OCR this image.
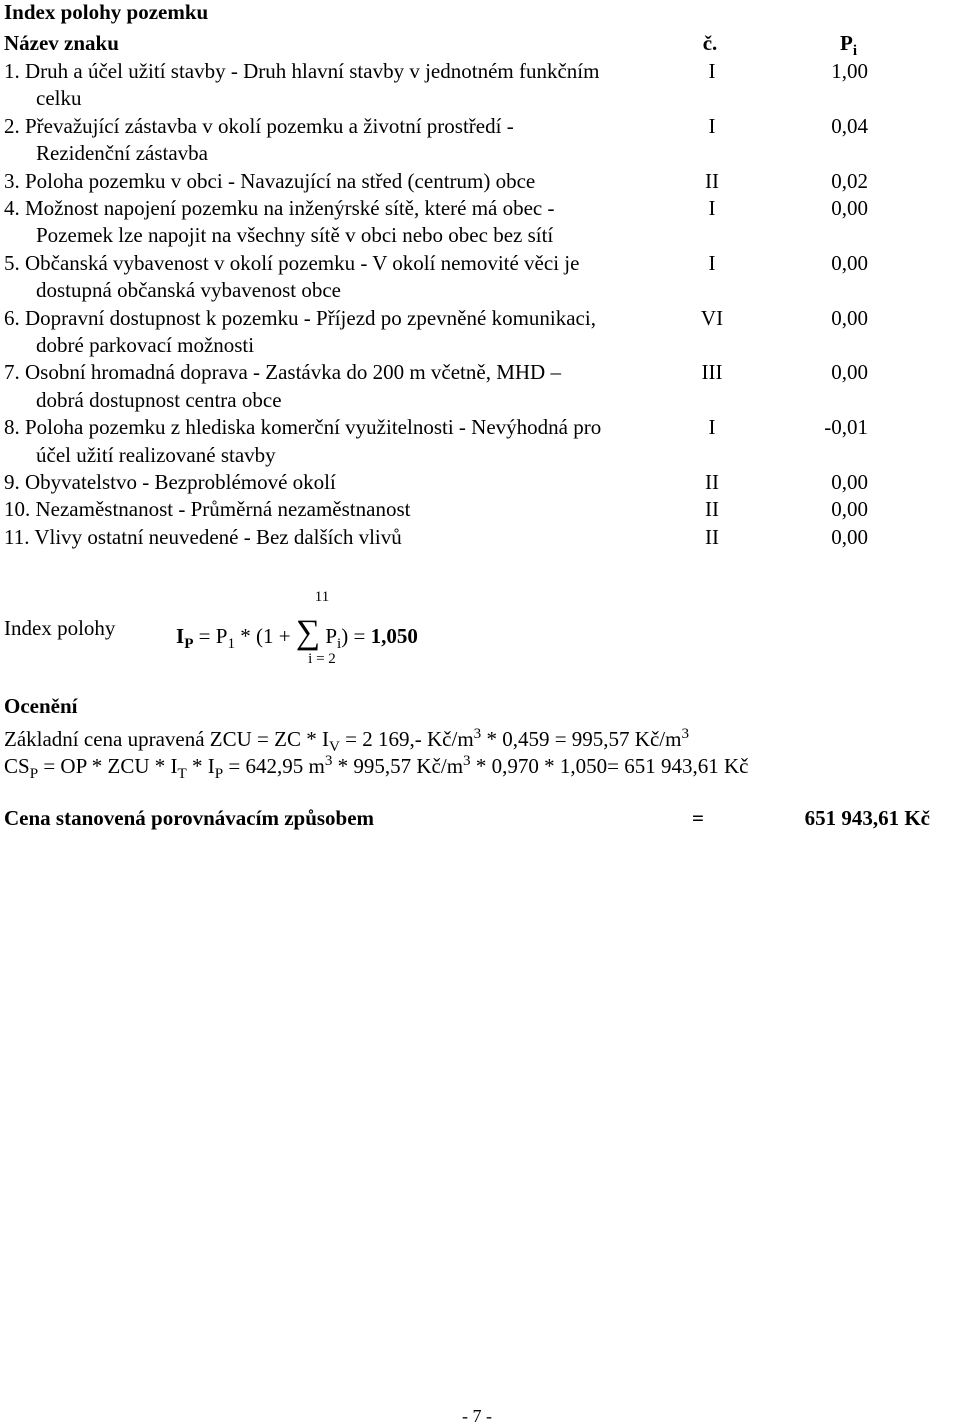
Index polohy pozemku
Název znaku	č.	$P_i$
1. Druh a účel užití stavby - Druh hlavní stavby v jednotném funkčním	I	1,00
celku
2. Převažující zástavba v okolí pozemku a životní prostředí -	I	0,04
Rezidenční zástavba
3. Poloha pozemku v obci - Navazující na střed (centrum) obce	II	0,02
4. Možnost napojení pozemku na inženýrské sítě, které má obec -	I	0,00
Pozemek lze napojit na všechny sítě v obci nebo obec bez sítí
5. Občanská vybavenost v okolí pozemku - V okolí nemovité věci je	I	0,00
dostupná občanská vybavenost obce
6. Dopravní dostupnost k pozemku - Příjezd po zpevněné komunikaci,	VI	0,00
dobré parkovací možnosti
7. Osobní hromadná doprava - Zastávka do 200 m včetně, MHD –	III	0,00
dobrá dostupnost centra obce
8. Poloha pozemku z hlediska komerční využitelnosti - Nevýhodná pro	I	-0,01
účel užití realizované stavby
9. Obyvatelstvo - Bezproblémové okolí	II	0,00
10. Nezaměstnanost - Průměrná nezaměstnanost	II	0,00
11. Vlivy ostatní neuvedené - Bez dalších vlivů	II	0,00
Index polohy
11
i = 2
$I_P = P_1 * (1$ + ∑ $P_i) = 1,050$
Ocenění
Základní cena upravená ZCU = ZC * $I_V = 2$ 169,- $Kč/m^3 * 0,459 = 995,57$ $Kč/m^3$
$CS_P$ = OP * ZCU * $I_T * I_P = 642,95$ $m^3 * 995,57$ $Kč/m^3 * 0,970 * 1,050= 651$ 943,61 Kč
Cena stanovená porovnávacím způsobem	=	651 943,61 Kč
- 7 -
